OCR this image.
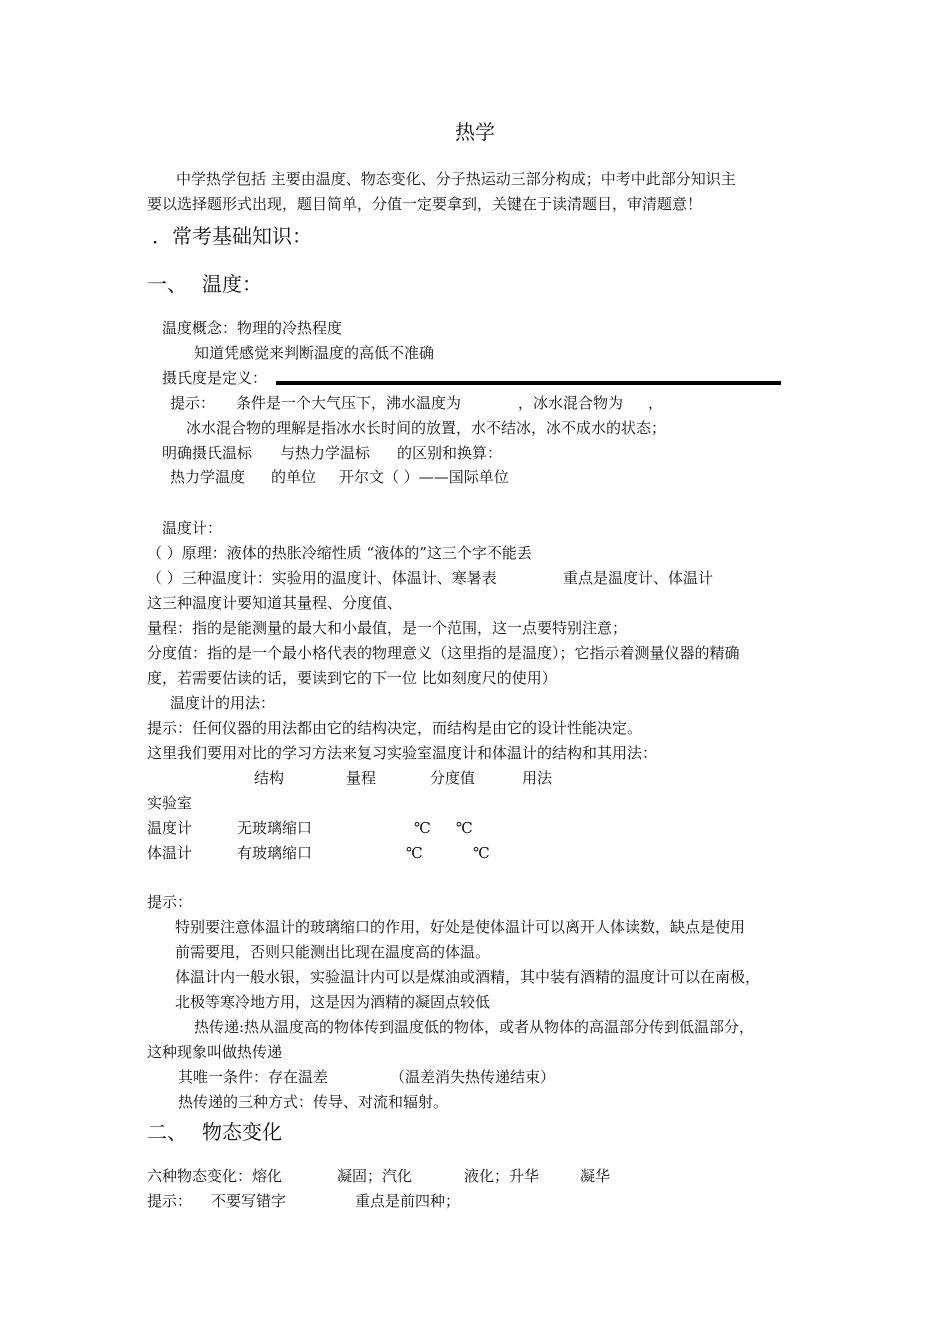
热学
中学热学包括 主要由温度、物态变化、分子热运动三部分构成；中考中此部分知识主
要以选择题形式出现，题目简单，分值一定要拿到，关键在于读清题目，审清题意！
．常考基础知识：
一、 温度：
温度概念：物理的冷热程度
知道凭感觉来判断温度的高低不准确
摄氏度是定义：
提示： 条件是一个大气压下，沸水温度为	，冰水混合物为 ，
冰水混合物的理解是指冰水长时间的放置，水不结冰，冰不成水的状态；
明确摄氏温标 与热力学温标 的区别和换算：
热力学温度 的单位 开尔文（ ）——国际单位
温度计：
（ ）原理：液体的热胀冷缩性质 “液体的”这三个字不能丢
（ ）三种温度计：实验用的温度计、体温计、寒暑表	重点是温度计、体温计
这三种温度计要知道其量程、分度值、
量程：指的是能测量的最大和小最值，是一个范围，这一点要特别注意；
分度值：指的是一个最小格代表的物理意义（这里指的是温度）；它指示着测量仪器的精确
度，若需要估读的话，要读到它的下一位 比如刻度尺的使用）
温度计的用法：
提示：任何仪器的用法都由它的结构决定，而结构是由它的设计性能决定。
这里我们要用对比的学习方法来复习实验室温度计和体温计的结构和其用法：
结构	量程	分度值	用法
实验室
温度计	无玻璃缩口	℃ ℃
体温计	有玻璃缩口	℃	℃
提示：
特别要注意体温计的玻璃缩口的作用，好处是使体温计可以离开人体读数，缺点是使用
前需要甩，否则只能测出比现在温度高的体温。
体温计内一般水银，实验温计内可以是煤油或酒精，其中装有酒精的温度计可以在南极，
北极等寒冷地方用，这是因为酒精的凝固点较低
热传递:热从温度高的物体传到温度低的物体，或者从物体的高温部分传到低温部分，
这种现象叫做热传递
其唯一条件：存在温差	（温差消失热传递结束）
热传递的三种方式：传导、对流和辐射。
二、 物态变化
六种物态变化：熔化	凝固；汽化	液化；升华	凝华
提示： 不要写错字	重点是前四种；
